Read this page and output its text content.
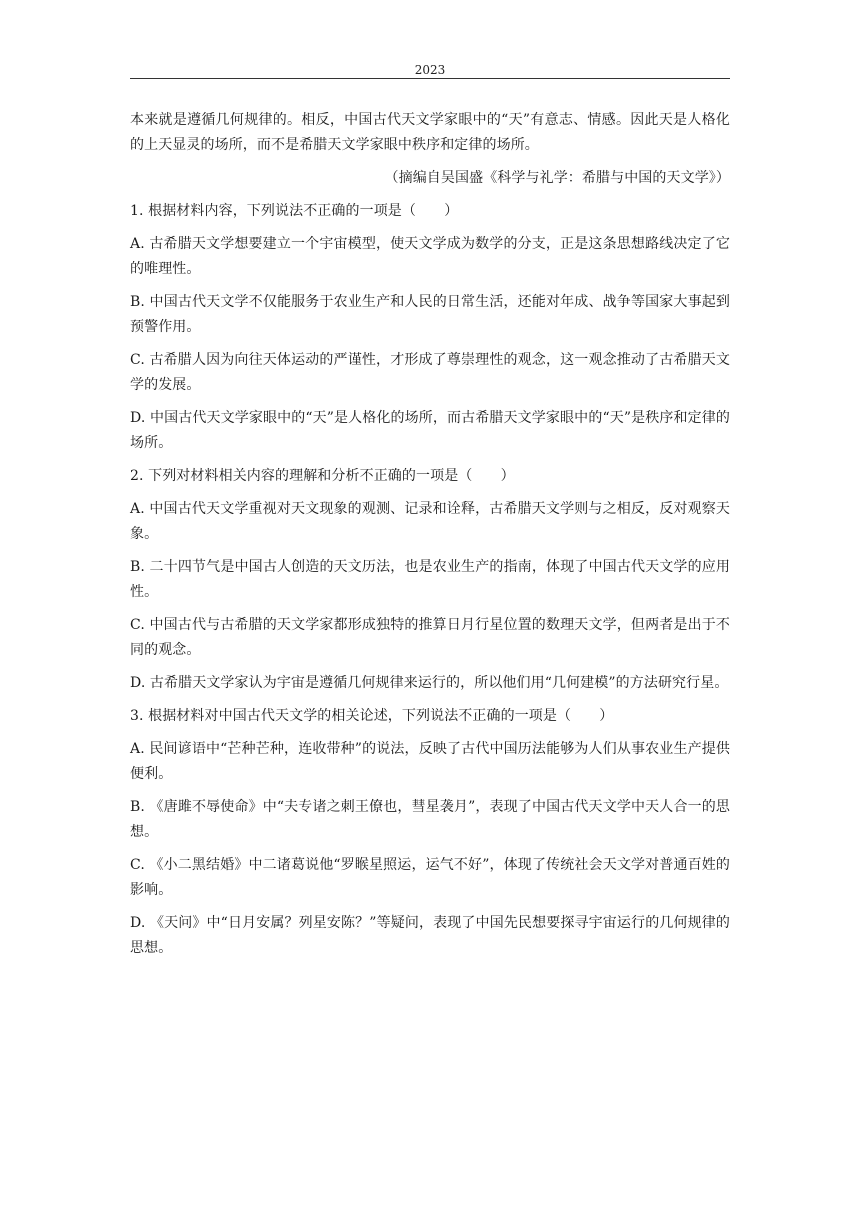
2023

本来就是遵循几何规律的。相反，中国古代天文学家眼中的“天”有意志、情感。因此天是人格化的上天显灵的场所，而不是希腊天文学家眼中秩序和定律的场所。

（摘编自吴国盛《科学与礼学：希腊与中国的天文学》）

1. 根据材料内容，下列说法不正确的一项是（　　）

A. 古希腊天文学想要建立一个宇宙模型，使天文学成为数学的分支，正是这条思想路线决定了它的唯理性。

B. 中国古代天文学不仅能服务于农业生产和人民的日常生活，还能对年成、战争等国家大事起到预警作用。

C. 古希腊人因为向往天体运动的严谨性，才形成了尊崇理性的观念，这一观念推动了古希腊天文学的发展。

D. 中国古代天文学家眼中的“天”是人格化的场所，而古希腊天文学家眼中的“天”是秩序和定律的场所。

2. 下列对材料相关内容的理解和分析不正确的一项是（　　）

A. 中国古代天文学重视对天文现象的观测、记录和诠释，古希腊天文学则与之相反，反对观察天象。

B. 二十四节气是中国古人创造的天文历法，也是农业生产的指南，体现了中国古代天文学的应用性。

C. 中国古代与古希腊的天文学家都形成独特的推算日月行星位置的数理天文学，但两者是出于不同的观念。

D. 古希腊天文学家认为宇宙是遵循几何规律来运行的，所以他们用“几何建模”的方法研究行星。

3. 根据材料对中国古代天文学的相关论述，下列说法不正确的一项是（　　）

A. 民间谚语中“芒种芒种，连收带种”的说法，反映了古代中国历法能够为人们从事农业生产提供便利。

B. 《唐雎不辱使命》中“夫专诸之刺王僚也，彗星袭月”，表现了中国古代天文学中天人合一的思想。

C. 《小二黑结婚》中二诸葛说他“罗睺星照运，运气不好”，体现了传统社会天文学对普通百姓的影响。

D. 《天问》中“日月安属？列星安陈？”等疑问，表现了中国先民想要探寻宇宙运行的几何规律的思想。
